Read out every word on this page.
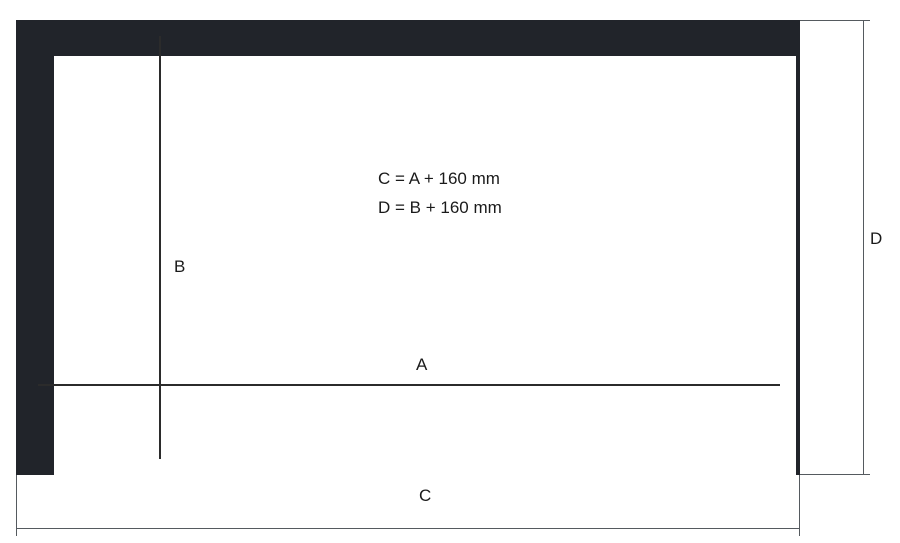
C = A + 160 mm
D = B + 160 mm
B
A
D
C
